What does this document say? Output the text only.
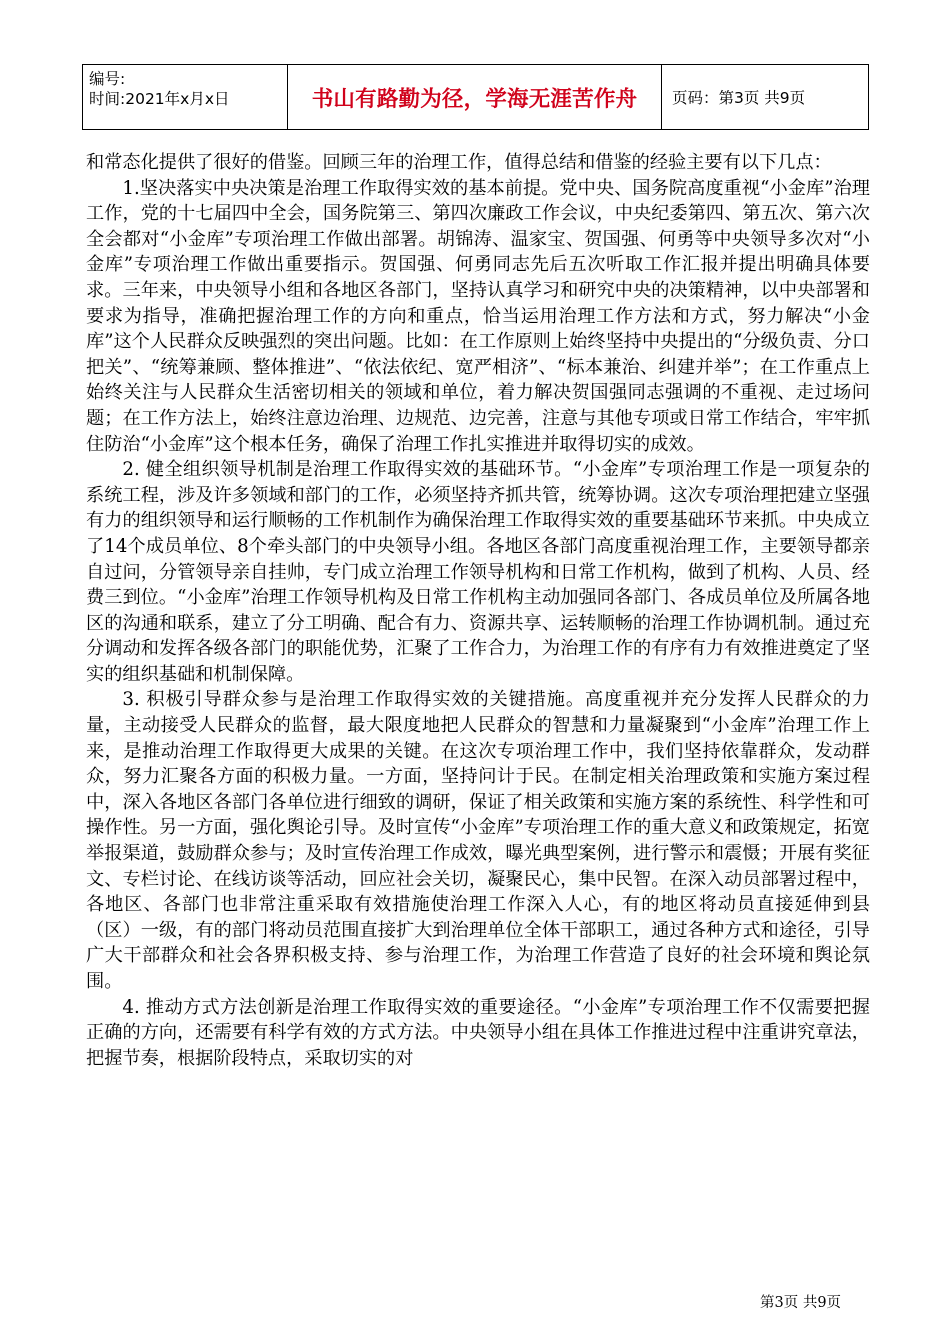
编号:
时间:2021年x月x日	书山有路勤为径，学海无涯苦作舟	页码：第3页 共9页

和常态化提供了很好的借鉴。回顾三年的治理工作，值得总结和借鉴的经验主要有以下几点：

1.坚决落实中央决策是治理工作取得实效的基本前提。党中央、国务院高度重视“小金库”治理工作，党的十七届四中全会，国务院第三、第四次廉政工作会议，中央纪委第四、第五次、第六次全会都对“小金库”专项治理工作做出部署。胡锦涛、温家宝、贺国强、何勇等中央领导多次对“小金库”专项治理工作做出重要指示。贺国强、何勇同志先后五次听取工作汇报并提出明确具体要求。三年来，中央领导小组和各地区各部门，坚持认真学习和研究中央的决策精神，以中央部署和要求为指导，准确把握治理工作的方向和重点，恰当运用治理工作方法和方式，努力解决“小金库”这个人民群众反映强烈的突出问题。比如：在工作原则上始终坚持中央提出的“分级负责、分口把关”、“统筹兼顾、整体推进”、“依法依纪、宽严相济”、“标本兼治、纠建并举”；在工作重点上始终关注与人民群众生活密切相关的领域和单位，着力解决贺国强同志强调的不重视、走过场问题；在工作方法上，始终注意边治理、边规范、边完善，注意与其他专项或日常工作结合，牢牢抓住防治“小金库”这个根本任务，确保了治理工作扎实推进并取得切实的成效。

2. 健全组织领导机制是治理工作取得实效的基础环节。“小金库”专项治理工作是一项复杂的系统工程，涉及许多领域和部门的工作，必须坚持齐抓共管，统筹协调。这次专项治理把建立坚强有力的组织领导和运行顺畅的工作机制作为确保治理工作取得实效的重要基础环节来抓。中央成立了14个成员单位、8个牵头部门的中央领导小组。各地区各部门高度重视治理工作，主要领导都亲自过问，分管领导亲自挂帅，专门成立治理工作领导机构和日常工作机构，做到了机构、人员、经费三到位。“小金库”治理工作领导机构及日常工作机构主动加强同各部门、各成员单位及所属各地区的沟通和联系，建立了分工明确、配合有力、资源共享、运转顺畅的治理工作协调机制。通过充分调动和发挥各级各部门的职能优势，汇聚了工作合力，为治理工作的有序有力有效推进奠定了坚实的组织基础和机制保障。

3. 积极引导群众参与是治理工作取得实效的关键措施。高度重视并充分发挥人民群众的力量，主动接受人民群众的监督，最大限度地把人民群众的智慧和力量凝聚到“小金库”治理工作上来，是推动治理工作取得更大成果的关键。在这次专项治理工作中，我们坚持依靠群众，发动群众，努力汇聚各方面的积极力量。一方面，坚持问计于民。在制定相关治理政策和实施方案过程中，深入各地区各部门各单位进行细致的调研，保证了相关政策和实施方案的系统性、科学性和可操作性。另一方面，强化舆论引导。及时宣传“小金库”专项治理工作的重大意义和政策规定，拓宽举报渠道，鼓励群众参与；及时宣传治理工作成效，曝光典型案例，进行警示和震慑；开展有奖征文、专栏讨论、在线访谈等活动，回应社会关切，凝聚民心，集中民智。在深入动员部署过程中，各地区、各部门也非常注重采取有效措施使治理工作深入人心，有的地区将动员直接延伸到县（区）一级，有的部门将动员范围直接扩大到治理单位全体干部职工，通过各种方式和途径，引导广大干部群众和社会各界积极支持、参与治理工作，为治理工作营造了良好的社会环境和舆论氛围。

4. 推动方式方法创新是治理工作取得实效的重要途径。“小金库”专项治理工作不仅需要把握正确的方向，还需要有科学有效的方式方法。中央领导小组在具体工作推进过程中注重讲究章法，把握节奏，根据阶段特点，采取切实的对

第3页 共9页
